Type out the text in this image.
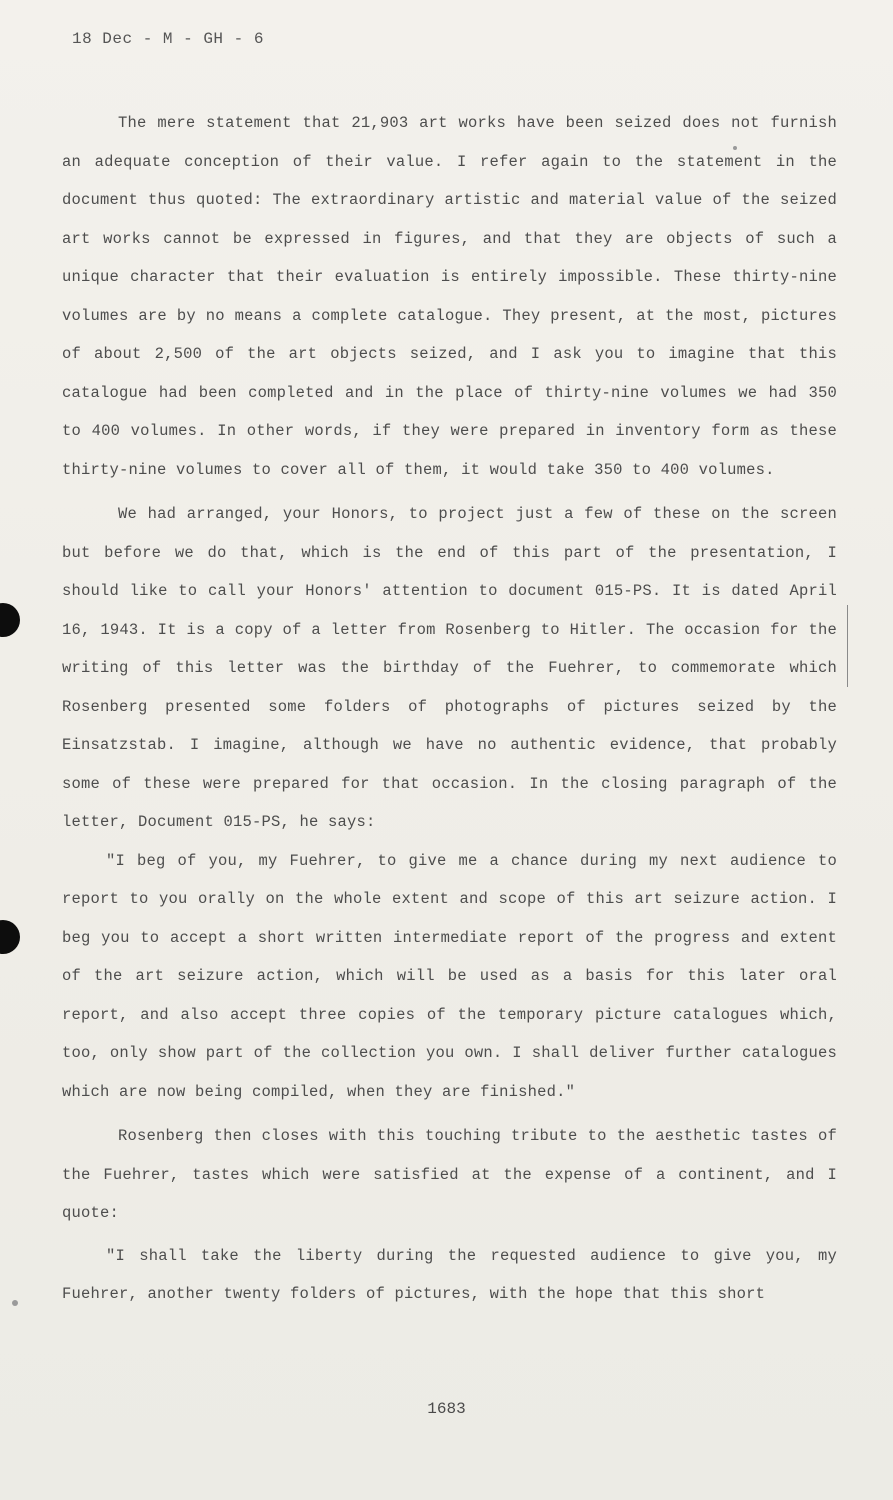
18 Dec - M - GH - 6

The mere statement that 21,903 art works have been seized does not furnish an adequate conception of their value. I refer again to the statement in the document thus quoted: The extraordinary artistic and material value of the seized art works cannot be expressed in figures, and that they are objects of such a unique character that their evaluation is entirely impossible. These thirty-nine volumes are by no means a complete catalogue. They present, at the most, pictures of about 2,500 of the art objects seized, and I ask you to imagine that this catalogue had been completed and in the place of thirty-nine volumes we had 350 to 400 volumes. In other words, if they were prepared in inventory form as these thirty-nine volumes to cover all of them, it would take 350 to 400 volumes.

We had arranged, your Honors, to project just a few of these on the screen but before we do that, which is the end of this part of the presentation, I should like to call your Honors' attention to document 015-PS. It is dated April 16, 1943. It is a copy of a letter from Rosenberg to Hitler. The occasion for the writing of this letter was the birthday of the Fuehrer, to commemorate which Rosenberg presented some folders of photographs of pictures seized by the Einsatzstab. I imagine, although we have no authentic evidence, that probably some of these were prepared for that occasion. In the closing paragraph of the letter, Document 015-PS, he says:

"I beg of you, my Fuehrer, to give me a chance during my next audience to report to you orally on the whole extent and scope of this art seizure action. I beg you to accept a short written intermediate report of the progress and extent of the art seizure action, which will be used as a basis for this later oral report, and also accept three copies of the temporary picture catalogues which, too, only show part of the collection you own. I shall deliver further catalogues which are now being compiled, when they are finished."

Rosenberg then closes with this touching tribute to the aesthetic tastes of the Fuehrer, tastes which were satisfied at the expense of a continent, and I quote:

"I shall take the liberty during the requested audience to give you, my Fuehrer, another twenty folders of pictures, with the hope that this short

1683
